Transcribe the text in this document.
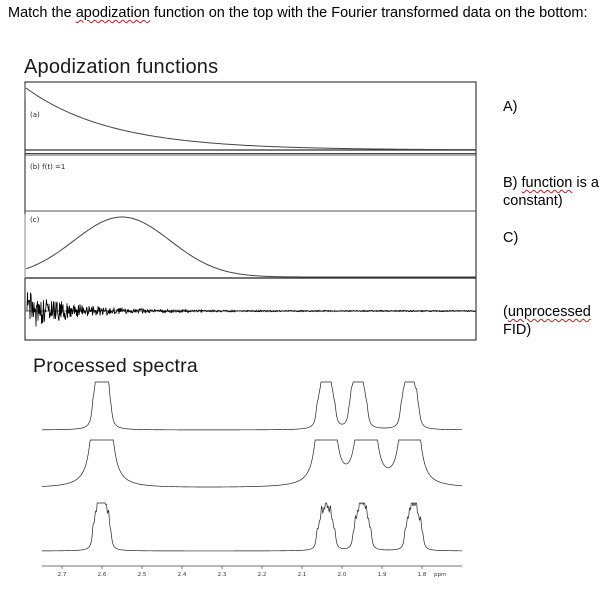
Match the apodization function on the top with the Fourier transformed data on the bottom:
Apodization functions
(a)
(b) f(t) =1
(c)
A)
B) function is a constant)
C)
(unprocessed
FID)
Processed spectra
2.7	2.6	2.5	2.4	2.3	2.2	2.1	2.0	1.9	1.8 ppm
